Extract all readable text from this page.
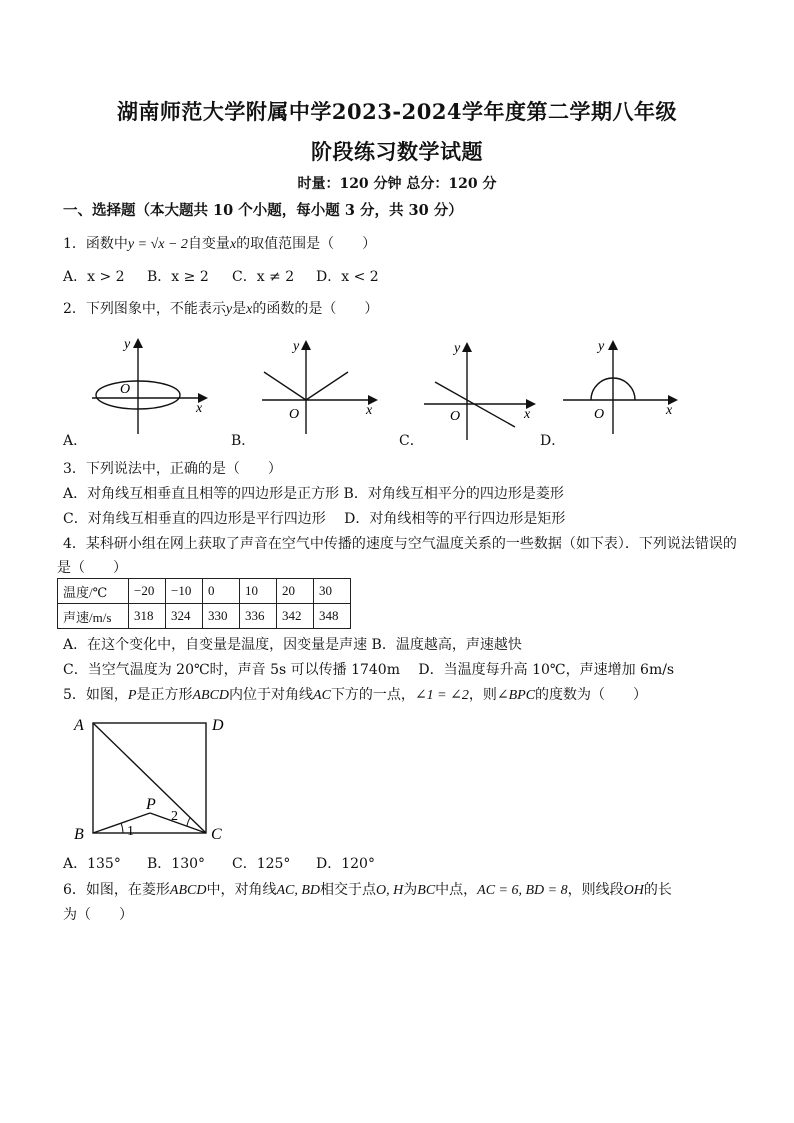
湖南师范大学附属中学2023-2024学年度第二学期八年级
阶段练习数学试题
时量：120 分钟 总分：120 分
一、选择题（本大题共 10 个小题，每小题 3 分，共 30 分）
1．函数中y = √x − 2自变量x的取值范围是（　　）
A．x > 2 B．x ≥ 2 C．x ≠ 2 D．x < 2
2．下列图象中，不能表示y是x的函数的是（　　）
y
x
O
y
x
O
y
x
O
y
x
O
A．	B．	C．	D．
3．下列说法中，正确的是（　　）
A．对角线互相垂直且相等的四边形是正方形 B．对角线互相平分的四边形是菱形
C．对角线互相垂直的四边形是平行四边形　 D．对角线相等的平行四边形是矩形
4．某科研小组在网上获取了声音在空气中传播的速度与空气温度关系的一些数据（如下表）．下列说法错误的
是（　　）
温度/℃	−20	−10	0	10	20	30
声速/m/s	318	324	330	336	342	348
A．在这个变化中，自变量是温度，因变量是声速 B．温度越高，声速越快
C．当空气温度为 20℃时，声音 5s 可以传播 1740m　 D．当温度每升高 10℃，声速增加 6m/s
5．如图，P是正方形ABCD内位于对角线AC下方的一点，∠1 = ∠2，则∠BPC的度数为（　　）
A	D
B	C
P
1
2
A．135° B．130° C．125° D．120°
6．如图，在菱形ABCD中，对角线AC, BD相交于点O, H为BC中点，AC = 6, BD = 8，则线段OH的长
为（　　）
